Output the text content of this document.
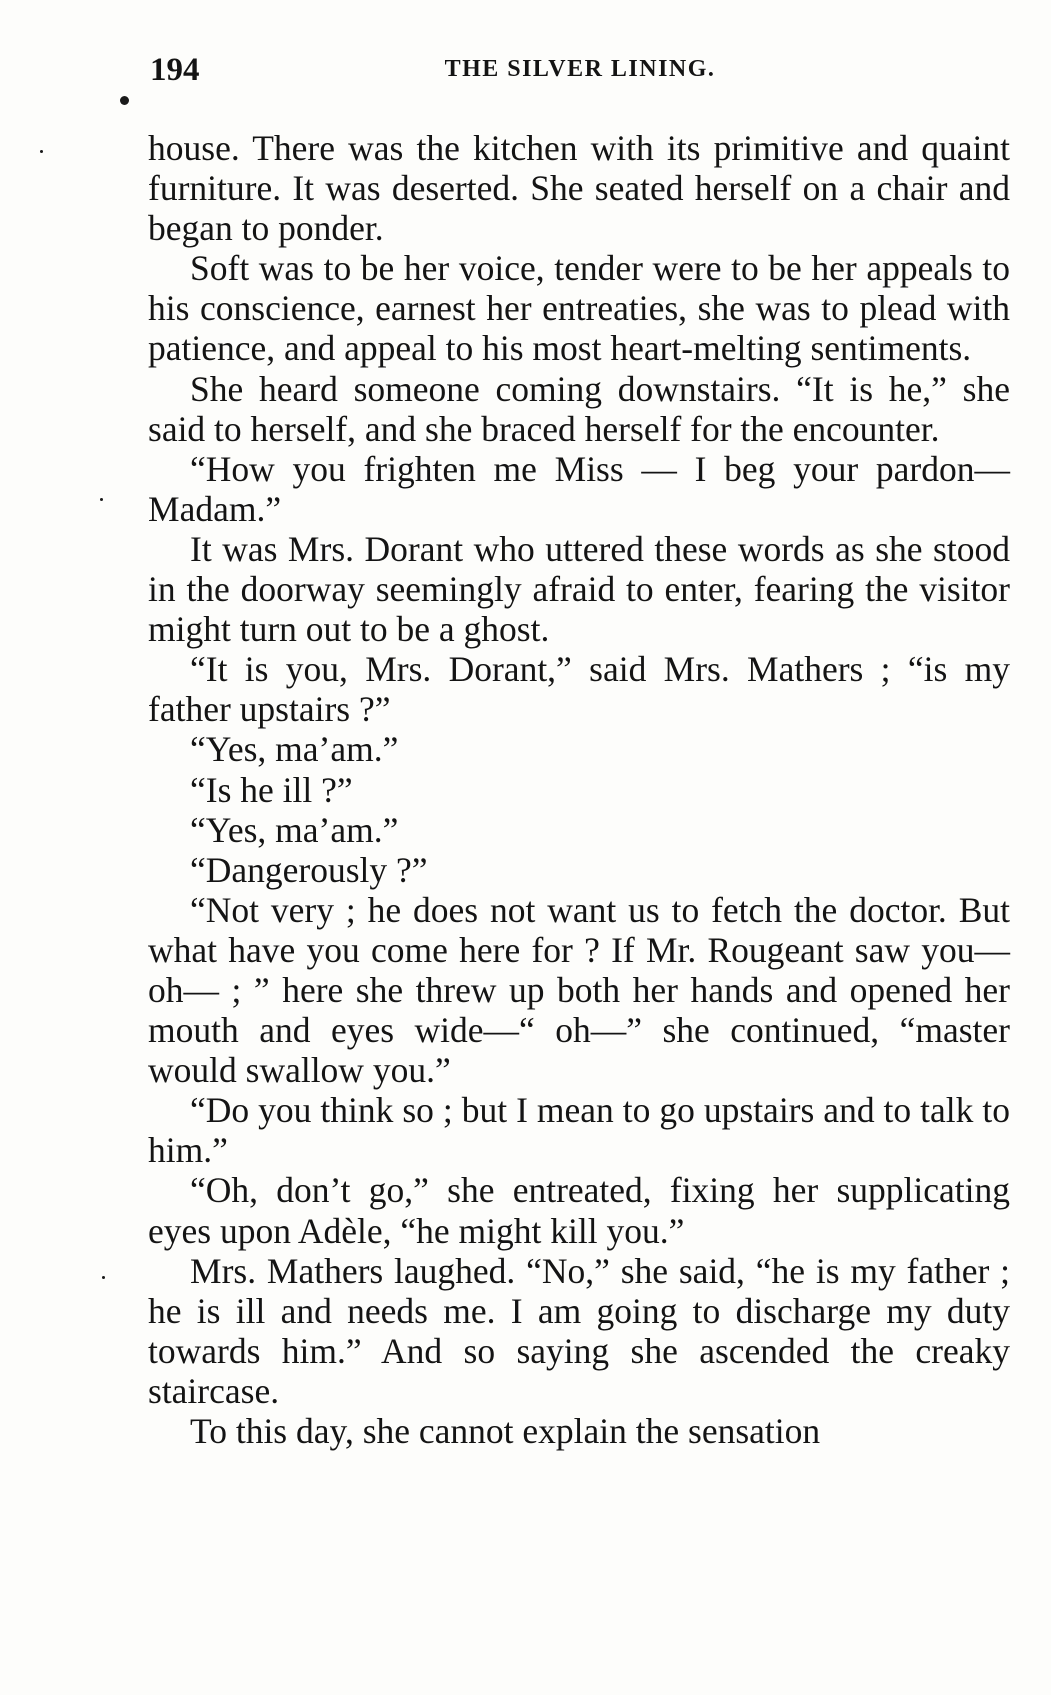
194	THE SILVER LINING.

house. There was the kitchen with its primitive and quaint furniture. It was deserted. She seated herself on a chair and began to ponder.

Soft was to be her voice, tender were to be her appeals to his conscience, earnest her entreaties, she was to plead with patience, and appeal to his most heart-melting sentiments.

She heard someone coming downstairs. “It is he,” she said to herself, and she braced herself for the encounter.

“How you frighten me Miss — I beg your pardon—Madam.”

It was Mrs. Dorant who uttered these words as she stood in the doorway seemingly afraid to enter, fearing the visitor might turn out to be a ghost.

“It is you, Mrs. Dorant,” said Mrs. Mathers ; “is my father upstairs ?”

“Yes, ma’am.”

“Is he ill ?”

“Yes, ma’am.”

“Dangerously ?”

“Not very ; he does not want us to fetch the doctor. But what have you come here for ? If Mr. Rougeant saw you—oh— ; ” here she threw up both her hands and opened her mouth and eyes wide—“ oh—” she continued, “master would swallow you.”

“Do you think so ; but I mean to go upstairs and to talk to him.”

“Oh, don’t go,” she entreated, fixing her supplicating eyes upon Adèle, “he might kill you.”

Mrs. Mathers laughed. “No,” she said, “he is my father ; he is ill and needs me. I am going to discharge my duty towards him.” And so saying she ascended the creaky staircase.

To this day, she cannot explain the sensation
